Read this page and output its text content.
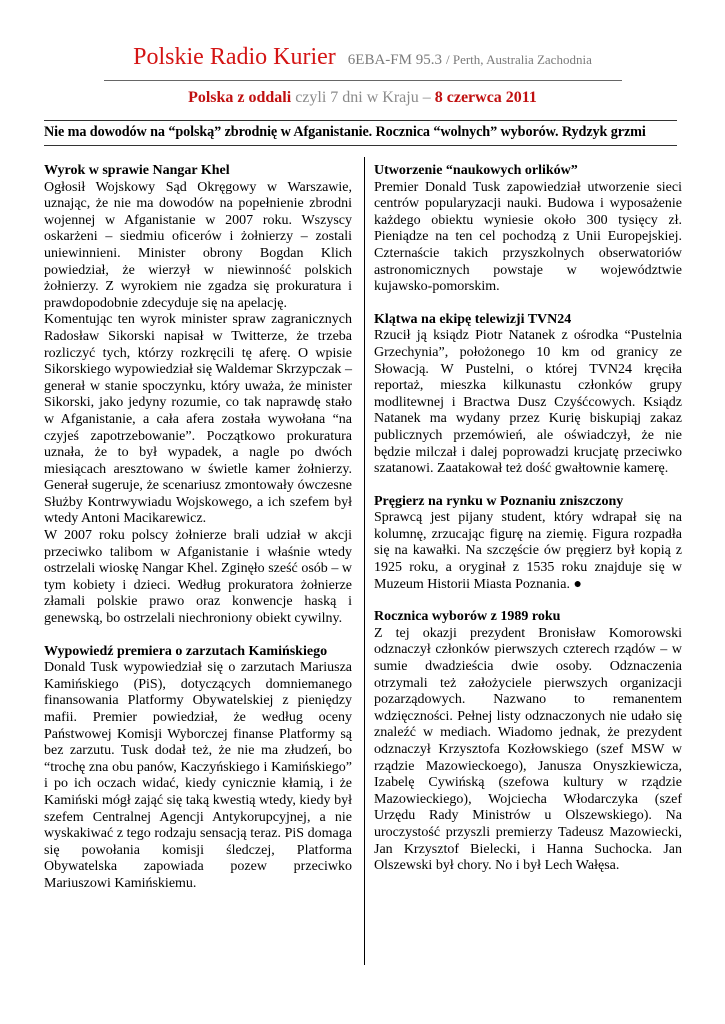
Polskie Radio Kurier 6EBA-FM 95.3 / Perth, Australia Zachodnia
Polska z oddali czyli 7 dni w Kraju – 8 czerwca 2011
Nie ma dowodów na “polską” zbrodnię w Afganistanie. Rocznica “wolnych” wyborów. Rydzyk grzmi
Wyrok w sprawie Nangar Khel

Ogłosił Wojskowy Sąd Okręgowy w Warszawie, uznając, że nie ma dowodów na popełnienie zbrodni wojennej w Afganistanie w 2007 roku. Wszyscy oskarżeni – siedmiu oficerów i żołnierzy – zostali uniewinnieni. Minister obrony Bogdan Klich powiedział, że wierzył w niewinność polskich żołnierzy. Z wyrokiem nie zgadza się prokuratura i prawdopodobnie zdecyduje się na apelację.

Komentując ten wyrok minister spraw zagranicznych Radosław Sikorski napisał w Twitterze, że trzeba rozliczyć tych, którzy rozkręcili tę aferę. O wpisie Sikorskiego wypowiedział się Waldemar Skrzypczak – generał w stanie spoczynku, który uważa, że minister Sikorski, jako jedyny rozumie, co tak naprawdę stało w Afganistanie, a cała afera została wywołana “na czyjeś zapotrzebowanie”. Początkowo prokuratura uznała, że to był wypadek, a nagle po dwóch miesiącach aresztowano w świetle kamer żołnierzy. Generał sugeruje, że scenariusz zmontowały ówczesne Służby Kontrwywiadu Wojskowego, a ich szefem był wtedy Antoni Macikarewicz.

W 2007 roku polscy żołnierze brali udział w akcji przeciwko talibom w Afganistanie i właśnie wtedy ostrzelali wioskę Nangar Khel. Zginęło sześć osób – w tym kobiety i dzieci. Według prokuratora żołnierze złamali polskie prawo oraz konwencje haską i genewską, bo ostrzelali niechroniony obiekt cywilny.

Wypowiedź premiera o zarzutach Kamińskiego

Donald Tusk wypowiedział się o zarzutach Mariusza Kamińskiego (PiS), dotyczących domniemanego finansowania Platformy Obywatelskiej z pieniędzy mafii. Premier powiedział, że według oceny Państwowej Komisji Wyborczej finanse Platformy są bez zarzutu. Tusk dodał też, że nie ma złudzeń, bo “trochę zna obu panów, Kaczyńskiego i Kamińskiego” i po ich oczach widać, kiedy cynicznie kłamią, i że Kamiński mógł zająć się taką kwestią wtedy, kiedy był szefem Centralnej Agencji Antykorupcyjnej, a nie wyskakiwać z tego rodzaju sensacją teraz. PiS domaga się powołania komisji śledczej, Platforma Obywatelska zapowiada pozew przeciwko Mariuszowi Kamińskiemu.

Utworzenie “naukowych orlików”

Premier Donald Tusk zapowiedział utworzenie sieci centrów popularyzacji nauki. Budowa i wyposażenie każdego obiektu wyniesie około 300 tysięcy zł. Pieniądze na ten cel pochodzą z Unii Europejskiej. Czternaście takich przyszkolnych obserwatoriów astronomicznych powstaje w województwie kujawsko-pomorskim.

Klątwa na ekipę telewizji TVN24

Rzucił ją ksiądz Piotr Natanek z ośrodka “Pustelnia Grzechynia”, położonego 10 km od granicy ze Słowacją. W Pustelni, o której TVN24 kręciła reportaż, mieszka kilkunastu członków grupy modlitewnej i Bractwa Dusz Czyśćcowych. Ksiądz Natanek ma wydany przez Kurię biskupiąj zakaz publicznych przemówień, ale oświadczył, że nie będzie milczał i dalej poprowadzi krucjatę przeciwko szatanowi. Zaatakował też dość gwałtownie kamerę.

Pręgierz na rynku w Poznaniu zniszczony

Sprawcą jest pijany student, który wdrapał się na kolumnę, zrzucając figurę na ziemię. Figura rozpadła się na kawałki. Na szczęście ów pręgierz był kopią z 1925 roku, a oryginał z 1535 roku znajduje się w Muzeum Historii Miasta Poznania. ●

Rocznica wyborów z 1989 roku

Z tej okazji prezydent Bronisław Komorowski odznaczył członków pierwszych czterech rządów – w sumie dwadzieścia dwie osoby. Odznaczenia otrzymali też założyciele pierwszych organizacji pozarządowych. Nazwano to remanentem wdzięczności. Pełnej listy odznaczonych nie udało się znaleźć w mediach. Wiadomo jednak, że prezydent odznaczył Krzysztofa Kozłowskiego (szef MSW w rządzie Mazowieckoego), Janusza Onyszkiewicza, Izabelę Cywińską (szefowa kultury w rządzie Mazowieckiego), Wojciecha Włodarczyka (szef Urzędu Rady Ministrów u Olszewskiego). Na uroczystość przyszli premierzy Tadeusz Mazowiecki, Jan Krzysztof Bielecki, i Hanna Suchocka. Jan Olszewski był chory. No i był Lech Wałęsa.
